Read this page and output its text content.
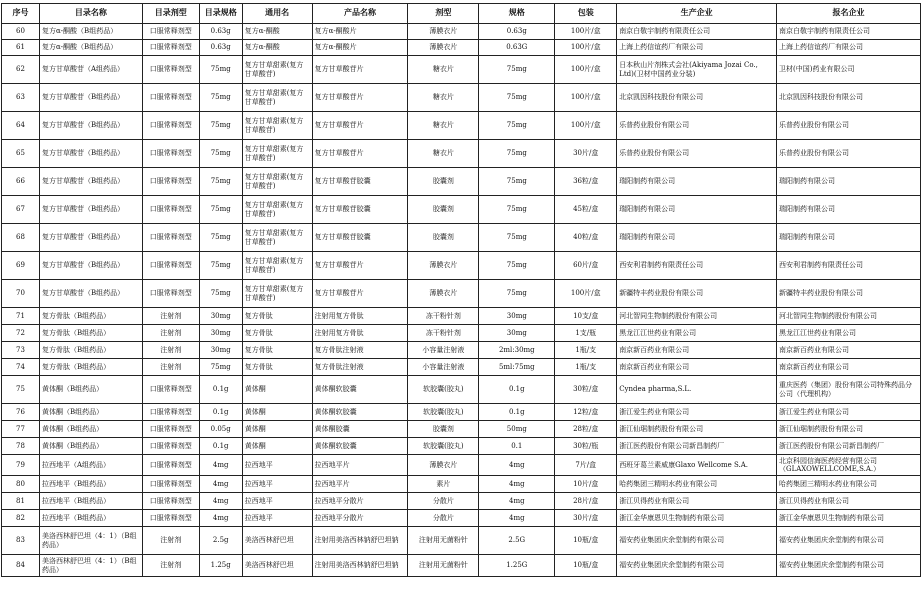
序号	目录名称	目录剂型	目录规格	通用名	产品名称	剂型	规格	包装	生产企业	报名企业
60	复方α-酮酸（B组药品）	口服常释剂型	0.63g	复方α-酮酸	复方α-酮酸片	薄膜衣片	0.63g	100片/盒	南京白敬宇制药有限责任公司	南京白敬宇制药有限责任公司
61	复方α-酮酸（B组药品）	口服常释剂型	0.63g	复方α-酮酸	复方α-酮酸片	薄膜衣片	0.63G	100片/盒	上海上药信谊药厂有限公司	上海上药信谊药厂有限公司
62	复方甘草酸苷（A组药品）	口服常释剂型	75mg	复方甘草甜素(复方甘草酸苷)	复方甘草酸苷片	糖衣片	75mg	100片/盒	日本秋山片剂株式会社(Akiyama Jozai Co., Ltd)(卫材中国药业分装)	卫材(中国)药业有限公司
63	复方甘草酸苷（B组药品）	口服常释剂型	75mg	复方甘草甜素(复方甘草酸苷)	复方甘草酸苷片	糖衣片	75mg	100片/盒	北京凯因科技股份有限公司	北京凯因科技股份有限公司
64	复方甘草酸苷（B组药品）	口服常释剂型	75mg	复方甘草甜素(复方甘草酸苷)	复方甘草酸苷片	糖衣片	75mg	100片/盒	乐普药业股份有限公司	乐普药业股份有限公司
65	复方甘草酸苷（B组药品）	口服常释剂型	75mg	复方甘草甜素(复方甘草酸苷)	复方甘草酸苷片	糖衣片	75mg	30片/盒	乐普药业股份有限公司	乐普药业股份有限公司
66	复方甘草酸苷（B组药品）	口服常释剂型	75mg	复方甘草甜素(复方甘草酸苷)	复方甘草酸苷胶囊	胶囊剂	75mg	36粒/盒	瑞阳制药有限公司	瑞阳制药有限公司
67	复方甘草酸苷（B组药品）	口服常释剂型	75mg	复方甘草甜素(复方甘草酸苷)	复方甘草酸苷胶囊	胶囊剂	75mg	45粒/盒	瑞阳制药有限公司	瑞阳制药有限公司
68	复方甘草酸苷（B组药品）	口服常释剂型	75mg	复方甘草甜素(复方甘草酸苷)	复方甘草酸苷胶囊	胶囊剂	75mg	40粒/盒	瑞阳制药有限公司	瑞阳制药有限公司
69	复方甘草酸苷（B组药品）	口服常释剂型	75mg	复方甘草甜素(复方甘草酸苷)	复方甘草酸苷片	薄膜衣片	75mg	60片/盒	西安利君制药有限责任公司	西安利君制药有限责任公司
70	复方甘草酸苷（B组药品）	口服常释剂型	75mg	复方甘草甜素(复方甘草酸苷)	复方甘草酸苷片	薄膜衣片	75mg	100片/盒	新疆特丰药业股份有限公司	新疆特丰药业股份有限公司
71	复方骨肽（B组药品）	注射剂	30mg	复方骨肽	注射用复方骨肽	冻干粉针剂	30mg	10支/盒	河北智同生物制药股份有限公司	河北智同生物制药股份有限公司
72	复方骨肽（B组药品）	注射剂	30mg	复方骨肽	注射用复方骨肽	冻干粉针剂	30mg	1支/瓶	黑龙江江世药业有限公司	黑龙江江世药业有限公司
73	复方骨肽（B组药品）	注射剂	30mg	复方骨肽	复方骨肽注射液	小容量注射液	2ml:30mg	1瓶/支	南京新百药业有限公司	南京新百药业有限公司
74	复方骨肽（B组药品）	注射剂	75mg	复方骨肽	复方骨肽注射液	小容量注射液	5ml:75mg	1瓶/支	南京新百药业有限公司	南京新百药业有限公司
75	黄体酮（B组药品）	口服常释剂型	0.1g	黄体酮	黄体酮软胶囊	软胶囊(胶丸)	0.1g	30粒/盒	Cyndea pharma,S.L.	重庆医药（集团）股份有限公司特殊药品分公司（代理机构）
76	黄体酮（B组药品）	口服常释剂型	0.1g	黄体酮	黄体酮软胶囊	软胶囊(胶丸)	0.1g	12粒/盒	浙江爱生药业有限公司	浙江爱生药业有限公司
77	黄体酮（B组药品）	口服常释剂型	0.05g	黄体酮	黄体酮胶囊	胶囊剂	50mg	28粒/盒	浙江仙琚制药股份有限公司	浙江仙琚制药股份有限公司
78	黄体酮（B组药品）	口服常释剂型	0.1g	黄体酮	黄体酮软胶囊	软胶囊(胶丸)	0.1	30粒/瓶	浙江医药股份有限公司新昌制药厂	浙江医药股份有限公司新昌制药厂
79	拉西地平（A组药品）	口服常释剂型	4mg	拉西地平	拉西地平片	薄膜衣片	4mg	7片/盒	西班牙葛兰素威康Glaxo Wellcome S.A.	北京科园信海医药经营有限公司（GLAXOWELLCOME,S.A.）
80	拉西地平（B组药品）	口服常释剂型	4mg	拉西地平	拉西地平片	素片	4mg	10片/盒	哈药集团三精明水药业有限公司	哈药集团三精明水药业有限公司
81	拉西地平（B组药品）	口服常释剂型	4mg	拉西地平	拉西地平分散片	分散片	4mg	28片/盒	浙江贝得药业有限公司	浙江贝得药业有限公司
82	拉西地平（B组药品）	口服常释剂型	4mg	拉西地平	拉西地平分散片	分散片	4mg	30片/盒	浙江金华康恩贝生物制药有限公司	浙江金华康恩贝生物制药有限公司
83	美洛西林舒巴坦（4：1）（B组药品）	注射剂	2.5g	美洛西林舒巴坦	注射用美洛西林钠舒巴坦钠	注射用无菌粉针	2.5G	10瓶/盒	福安药业集团庆余堂制药有限公司	福安药业集团庆余堂制药有限公司
84	美洛西林舒巴坦（4：1）（B组药品）	注射剂	1.25g	美洛西林舒巴坦	注射用美洛西林钠舒巴坦钠	注射用无菌粉针	1.25G	10瓶/盒	福安药业集团庆余堂制药有限公司	福安药业集团庆余堂制药有限公司
